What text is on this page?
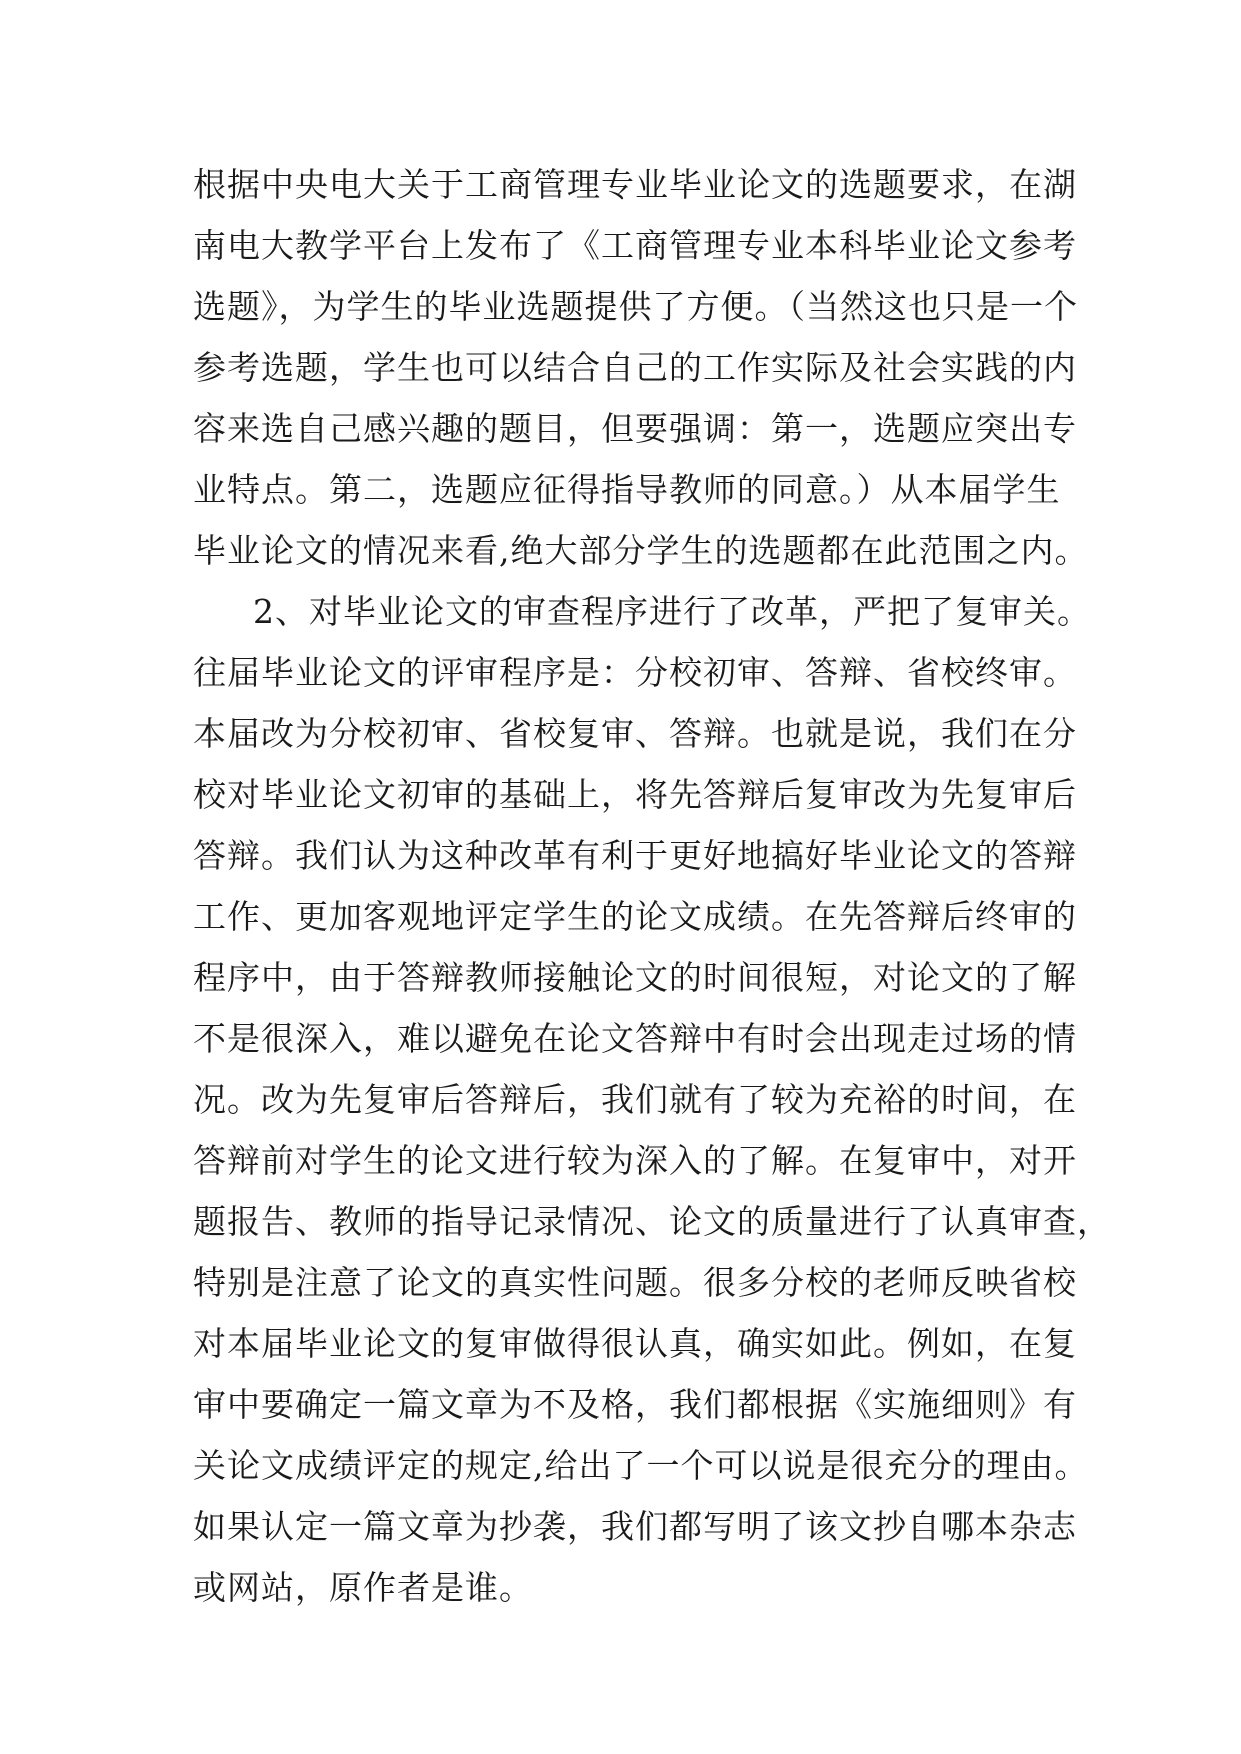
根据中央电大关于工商管理专业毕业论文的选题要求，在湖
南电大教学平台上发布了《工商管理专业本科毕业论文参考
选题》，为学生的毕业选题提供了方便。（当然这也只是一个
参考选题，学生也可以结合自己的工作实际及社会实践的内
容来选自己感兴趣的题目，但要强调：第一，选题应突出专
业特点。第二，选题应征得指导教师的同意。）从本届学生
毕业论文的情况来看,绝大部分学生的选题都在此范围之内。
2、对毕业论文的审查程序进行了改革，严把了复审关。
往届毕业论文的评审程序是：分校初审、答辩、省校终审。
本届改为分校初审、省校复审、答辩。也就是说，我们在分
校对毕业论文初审的基础上，将先答辩后复审改为先复审后
答辩。我们认为这种改革有利于更好地搞好毕业论文的答辩
工作、更加客观地评定学生的论文成绩。在先答辩后终审的
程序中，由于答辩教师接触论文的时间很短，对论文的了解
不是很深入，难以避免在论文答辩中有时会出现走过场的情
况。改为先复审后答辩后，我们就有了较为充裕的时间，在
答辩前对学生的论文进行较为深入的了解。在复审中，对开
题报告、教师的指导记录情况、论文的质量进行了认真审查，
特别是注意了论文的真实性问题。很多分校的老师反映省校
对本届毕业论文的复审做得很认真，确实如此。例如，在复
审中要确定一篇文章为不及格，我们都根据《实施细则》有
关论文成绩评定的规定,给出了一个可以说是很充分的理由。
如果认定一篇文章为抄袭，我们都写明了该文抄自哪本杂志
或网站，原作者是谁。
